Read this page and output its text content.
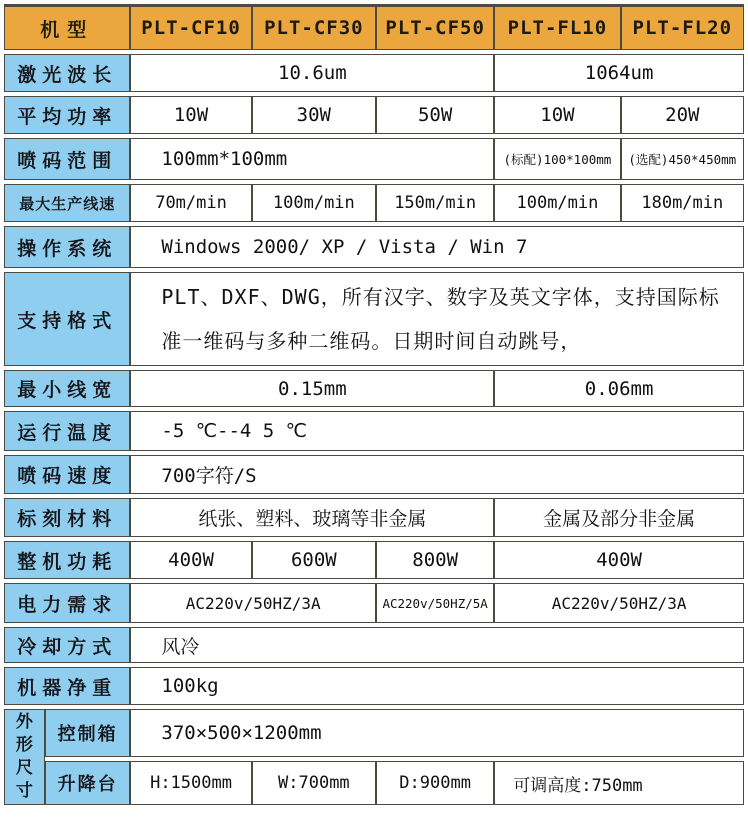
机型		PLT-CF10	PLT-CF30	PLT-CF50	PLT-FL10	PLT-FL20
激光波长		10.6um			1064um	
平均功率		10W	30W	50W	10W	20W
喷码范围		100mm*100mm			(标配)100*100mm	(选配)450*450mm
最大生产线速		70m/min	100m/min	150m/min	100m/min	180m/min
操作系统		Windows 2000/ XP / Vista / Win 7				
支持格式		PLT、DXF、DWG，所有汉字、数字及英文字体，支持国际标准一维码与多种二维码。日期时间自动跳号，				
最小线宽		0.15mm			0.06mm	
运行温度		-5 ℃--4 5 ℃				
喷码速度		700字符/S				
标刻材料		纸张、塑料、玻璃等非金属			金属及部分非金属	
整机功耗		400W	600W	800W	400W	
电力需求		AC220v/50HZ/3A		AC220v/50HZ/5A	AC220v/50HZ/3A	
冷却方式		风冷				
机器净重		100kg				
外形尺寸	控制箱	370×500×1200mm				
	升降台	H:1500mm	W:700mm	D:900mm	可调高度:750mm	
